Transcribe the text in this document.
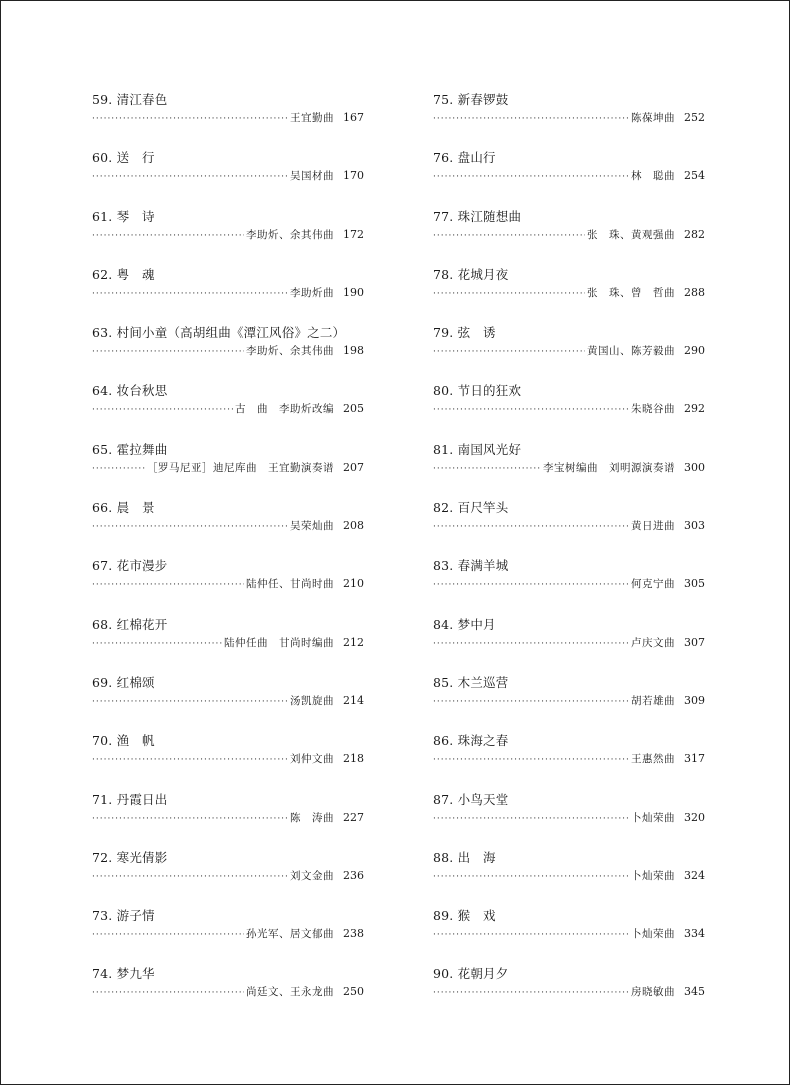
59. 清江春色
·····
王宜勤曲 167
60. 送　行
·····
吴国材曲 170
61. 琴　诗
·····
李助炘、余其伟曲 172
62. 粤　魂
·····
李助炘曲 190
63. 村间小童（高胡组曲《潭江风俗》之二）
·····
李助炘、余其伟曲 198
64. 妆台秋思
·····
古　曲　李助炘改编 205
65. 霍拉舞曲
·····
［罗马尼亚］迪尼库曲　王宜勤演奏谱 207
66. 晨　景
·····
吴荣灿曲 208
67. 花市漫步
·····
陆仲任、甘尚时曲 210
68. 红棉花开
·····
陆仲任曲　甘尚时编曲 212
69. 红棉颂
·····
汤凯旋曲 214
70. 渔　帆
·····
刘仲文曲 218
71. 丹霞日出
·····
陈　涛曲 227
72. 寒光倩影
·····
刘文金曲 236
73. 游子情
·····
孙光军、居文郁曲 238
74. 梦九华
·····
尚廷文、王永龙曲 250
75. 新春锣鼓
·····
陈葆坤曲 252
76. 盘山行
·····
林　聪曲 254
77. 珠江随想曲
·····
张　珠、黄观强曲 282
78. 花城月夜
·····
张　珠、曾　哲曲 288
79. 弦　诱
·····
黄国山、陈芳毅曲 290
80. 节日的狂欢
·····
朱晓谷曲 292
81. 南国风光好
·····
李宝树编曲　刘明源演奏谱 300
82. 百尺竿头
·····
黄日进曲 303
83. 春满羊城
·····
何克宁曲 305
84. 梦中月
·····
卢庆文曲 307
85. 木兰巡营
·····
胡若雄曲 309
86. 珠海之春
·····
王惠然曲 317
87. 小鸟天堂
·····
卜灿荣曲 320
88. 出　海
·····
卜灿荣曲 324
89. 猴　戏
·····
卜灿荣曲 334
90. 花朝月夕
·····
房晓敏曲 345
